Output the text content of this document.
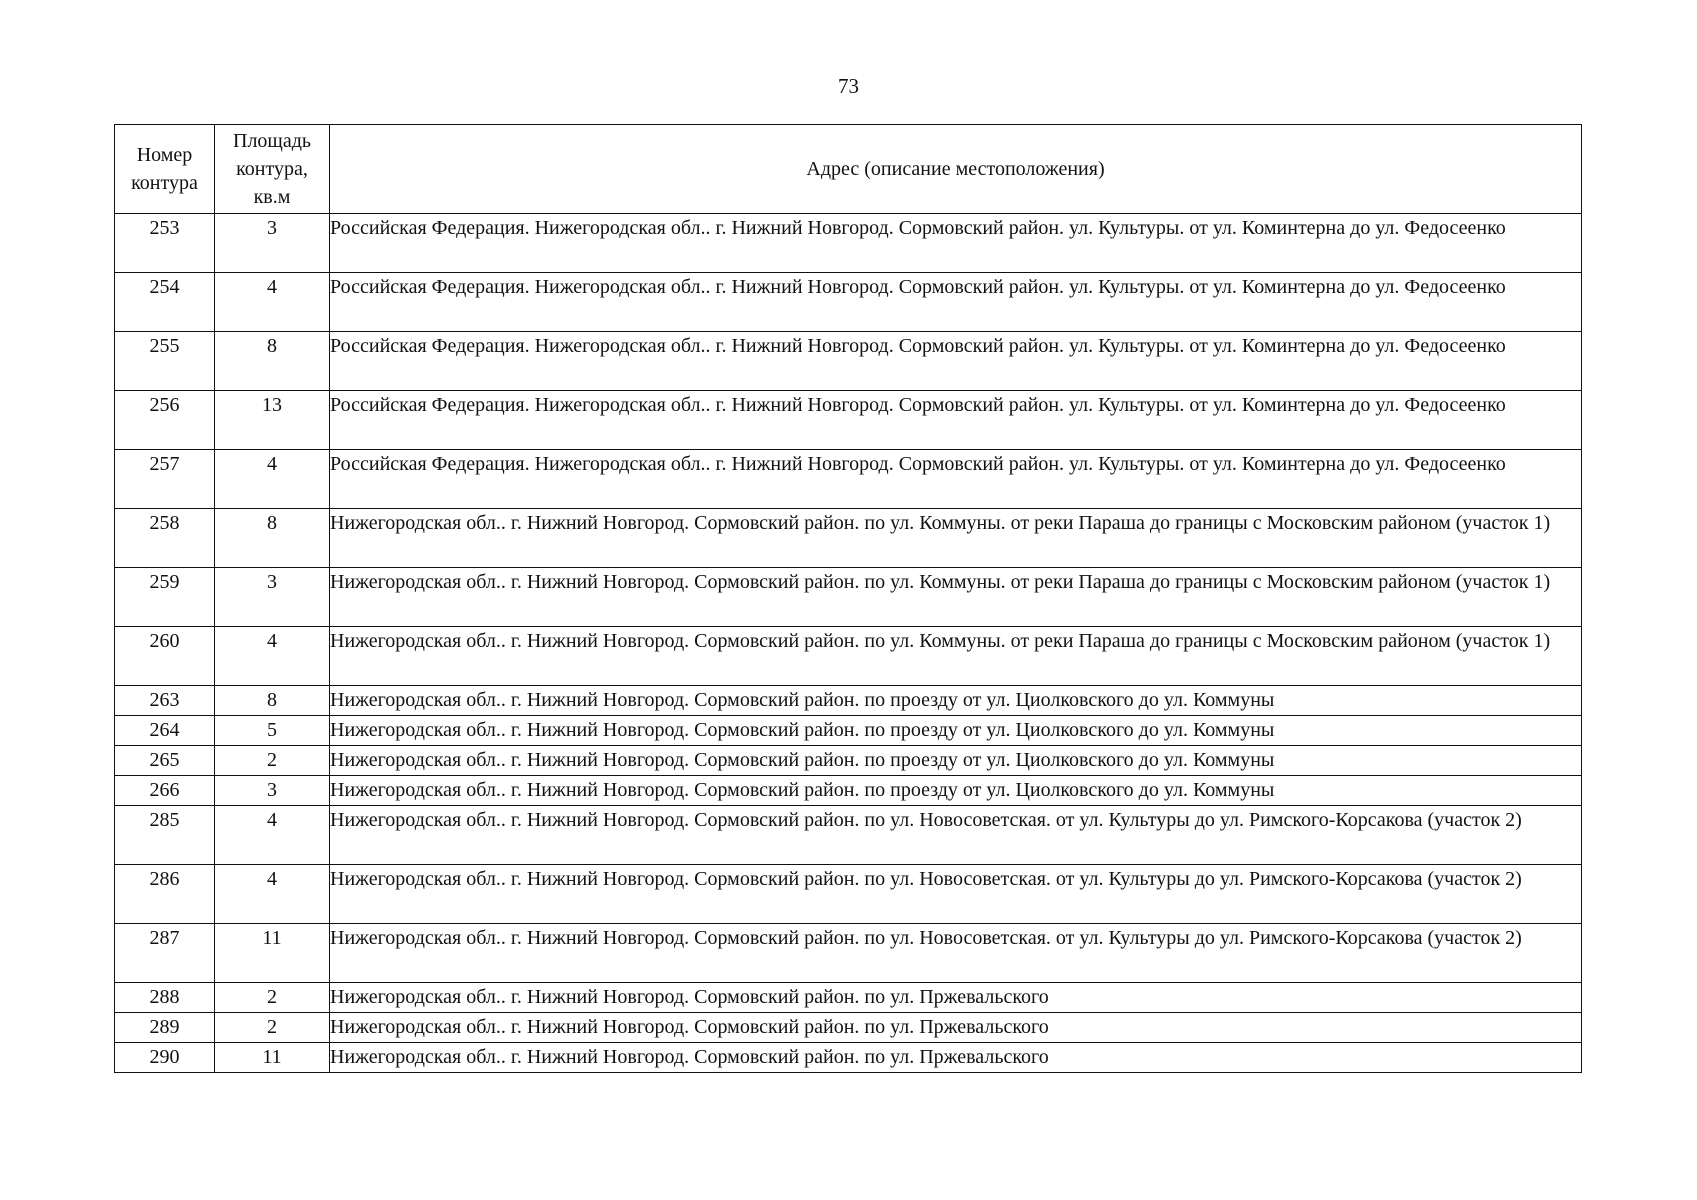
73
Номер контура	Площадь контура, кв.м	Адрес (описание местоположения)
253	3	Российская Федерация. Нижегородская обл.. г. Нижний Новгород. Сормовский район. ул. Культуры. от ул. Коминтерна до ул. Федосеенко
254	4	Российская Федерация. Нижегородская обл.. г. Нижний Новгород. Сормовский район. ул. Культуры. от ул. Коминтерна до ул. Федосеенко
255	8	Российская Федерация. Нижегородская обл.. г. Нижний Новгород. Сормовский район. ул. Культуры. от ул. Коминтерна до ул. Федосеенко
256	13	Российская Федерация. Нижегородская обл.. г. Нижний Новгород. Сормовский район. ул. Культуры. от ул. Коминтерна до ул. Федосеенко
257	4	Российская Федерация. Нижегородская обл.. г. Нижний Новгород. Сормовский район. ул. Культуры. от ул. Коминтерна до ул. Федосеенко
258	8	Нижегородская обл.. г. Нижний Новгород. Сормовский район. по ул. Коммуны. от реки Параша до границы с Московским районом (участок 1)
259	3	Нижегородская обл.. г. Нижний Новгород. Сормовский район. по ул. Коммуны. от реки Параша до границы с Московским районом (участок 1)
260	4	Нижегородская обл.. г. Нижний Новгород. Сормовский район. по ул. Коммуны. от реки Параша до границы с Московским районом (участок 1)
263	8	Нижегородская обл.. г. Нижний Новгород. Сормовский район. по проезду от ул. Циолковского до ул. Коммуны
264	5	Нижегородская обл.. г. Нижний Новгород. Сормовский район. по проезду от ул. Циолковского до ул. Коммуны
265	2	Нижегородская обл.. г. Нижний Новгород. Сормовский район. по проезду от ул. Циолковского до ул. Коммуны
266	3	Нижегородская обл.. г. Нижний Новгород. Сормовский район. по проезду от ул. Циолковского до ул. Коммуны
285	4	Нижегородская обл.. г. Нижний Новгород. Сормовский район. по ул. Новосоветская. от ул. Культуры до ул. Римского-Корсакова (участок 2)
286	4	Нижегородская обл.. г. Нижний Новгород. Сормовский район. по ул. Новосоветская. от ул. Культуры до ул. Римского-Корсакова (участок 2)
287	11	Нижегородская обл.. г. Нижний Новгород. Сормовский район. по ул. Новосоветская. от ул. Культуры до ул. Римского-Корсакова (участок 2)
288	2	Нижегородская обл.. г. Нижний Новгород. Сормовский район. по ул. Пржевальского
289	2	Нижегородская обл.. г. Нижний Новгород. Сормовский район. по ул. Пржевальского
290	11	Нижегородская обл.. г. Нижний Новгород. Сормовский район. по ул. Пржевальского
